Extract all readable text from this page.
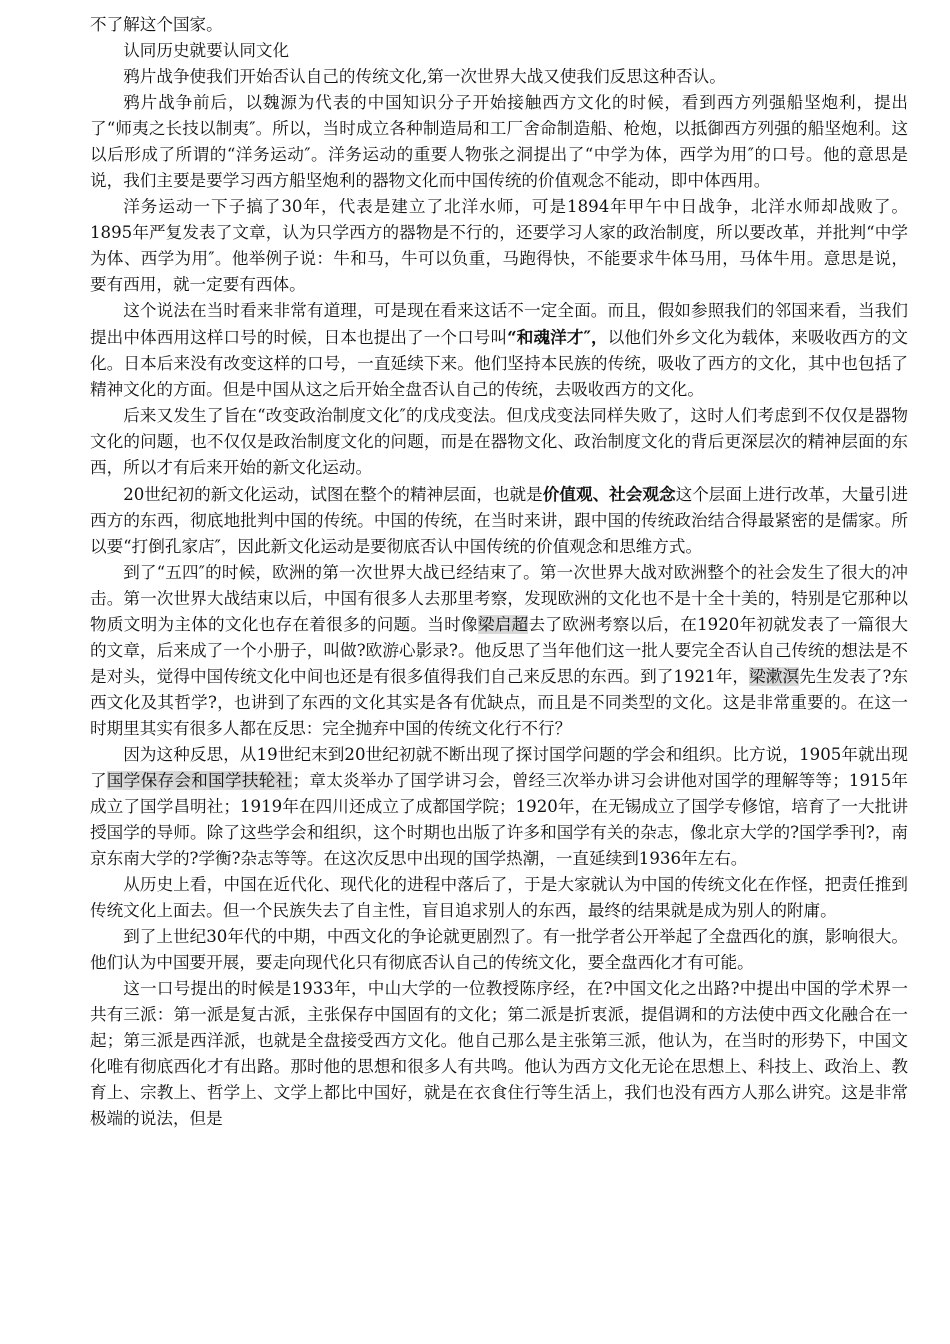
不了解这个国家。

认同历史就要认同文化

鸦片战争使我们开始否认自己的传统文化,第一次世界大战又使我们反思这种否认。

鸦片战争前后，以魏源为代表的中国知识分子开始接触西方文化的时候，看到西方列强船坚炮利，提出了“师夷之长技以制夷″。所以，当时成立各种制造局和工厂舍命制造船、枪炮，以抵御西方列强的船坚炮利。这以后形成了所谓的“洋务运动″。洋务运动的重要人物张之洞提出了“中学为体，西学为用″的口号。他的意思是说，我们主要是要学习西方船坚炮利的器物文化而中国传统的价值观念不能动，即中体西用。

洋务运动一下子搞了30年，代表是建立了北洋水师，可是1894年甲午中日战争，北洋水师却战败了。1895年严复发表了文章，认为只学西方的器物是不行的，还要学习人家的政治制度，所以要改革，并批判“中学为体、西学为用″。他举例子说：牛和马，牛可以负重，马跑得快，不能要求牛体马用，马体牛用。意思是说，要有西用，就一定要有西体。

这个说法在当时看来非常有道理，可是现在看来这话不一定全面。而且，假如参照我们的邻国来看，当我们提出中体西用这样口号的时候，日本也提出了一个口号叫“和魂洋才″，以他们外乡文化为载体，来吸收西方的文化。日本后来没有改变这样的口号，一直延续下来。他们坚持本民族的传统，吸收了西方的文化，其中也包括了精神文化的方面。但是中国从这之后开始全盘否认自己的传统，去吸收西方的文化。

后来又发生了旨在“改变政治制度文化″的戊戌变法。但戊戌变法同样失败了，这时人们考虑到不仅仅是器物文化的问题，也不仅仅是政治制度文化的问题，而是在器物文化、政治制度文化的背后更深层次的精神层面的东西，所以才有后来开始的新文化运动。

20世纪初的新文化运动，试图在整个的精神层面，也就是价值观、社会观念这个层面上进行改革，大量引进西方的东西，彻底地批判中国的传统。中国的传统，在当时来讲，跟中国的传统政治结合得最紧密的是儒家。所以要“打倒孔家店″，因此新文化运动是要彻底否认中国传统的价值观念和思维方式。

到了“五四″的时候，欧洲的第一次世界大战已经结束了。第一次世界大战对欧洲整个的社会发生了很大的冲击。第一次世界大战结束以后，中国有很多人去那里考察，发现欧洲的文化也不是十全十美的，特别是它那种以物质文明为主体的文化也存在着很多的问题。当时像梁启超去了欧洲考察以后，在1920年初就发表了一篇很大的文章，后来成了一个小册子，叫做?欧游心影录?。他反思了当年他们这一批人要完全否认自己传统的想法是不是对头，觉得中国传统文化中间也还是有很多值得我们自己来反思的东西。到了1921年，梁漱溟先生发表了?东西文化及其哲学?，也讲到了东西的文化其实是各有优缺点，而且是不同类型的文化。这是非常重要的。在这一时期里其实有很多人都在反思：完全抛弃中国的传统文化行不行？

因为这种反思，从19世纪末到20世纪初就不断出现了探讨国学问题的学会和组织。比方说，1905年就出现了国学保存会和国学扶轮社；章太炎举办了国学讲习会，曾经三次举办讲习会讲他对国学的理解等等；1915年成立了国学昌明社；1919年在四川还成立了成都国学院；1920年，在无锡成立了国学专修馆，培育了一大批讲授国学的导师。除了这些学会和组织，这个时期也出版了许多和国学有关的杂志，像北京大学的?国学季刊?，南京东南大学的?学衡?杂志等等。在这次反思中出现的国学热潮，一直延续到1936年左右。

从历史上看，中国在近代化、现代化的进程中落后了，于是大家就认为中国的传统文化在作怪，把责任推到传统文化上面去。但一个民族失去了自主性，盲目追求别人的东西，最终的结果就是成为别人的附庸。

到了上世纪30年代的中期，中西文化的争论就更剧烈了。有一批学者公开举起了全盘西化的旗，影响很大。他们认为中国要开展，要走向现代化只有彻底否认自己的传统文化，要全盘西化才有可能。

这一口号提出的时候是1933年，中山大学的一位教授陈序经，在?中国文化之出路?中提出中国的学术界一共有三派：第一派是复古派，主张保存中国固有的文化；第二派是折衷派，提倡调和的方法使中西文化融合在一起；第三派是西洋派，也就是全盘接受西方文化。他自己那么是主张第三派，他认为，在当时的形势下，中国文化唯有彻底西化才有出路。那时他的思想和很多人有共鸣。他认为西方文化无论在思想上、科技上、政治上、教育上、宗教上、哲学上、文学上都比中国好，就是在衣食住行等生活上，我们也没有西方人那么讲究。这是非常极端的说法，但是
